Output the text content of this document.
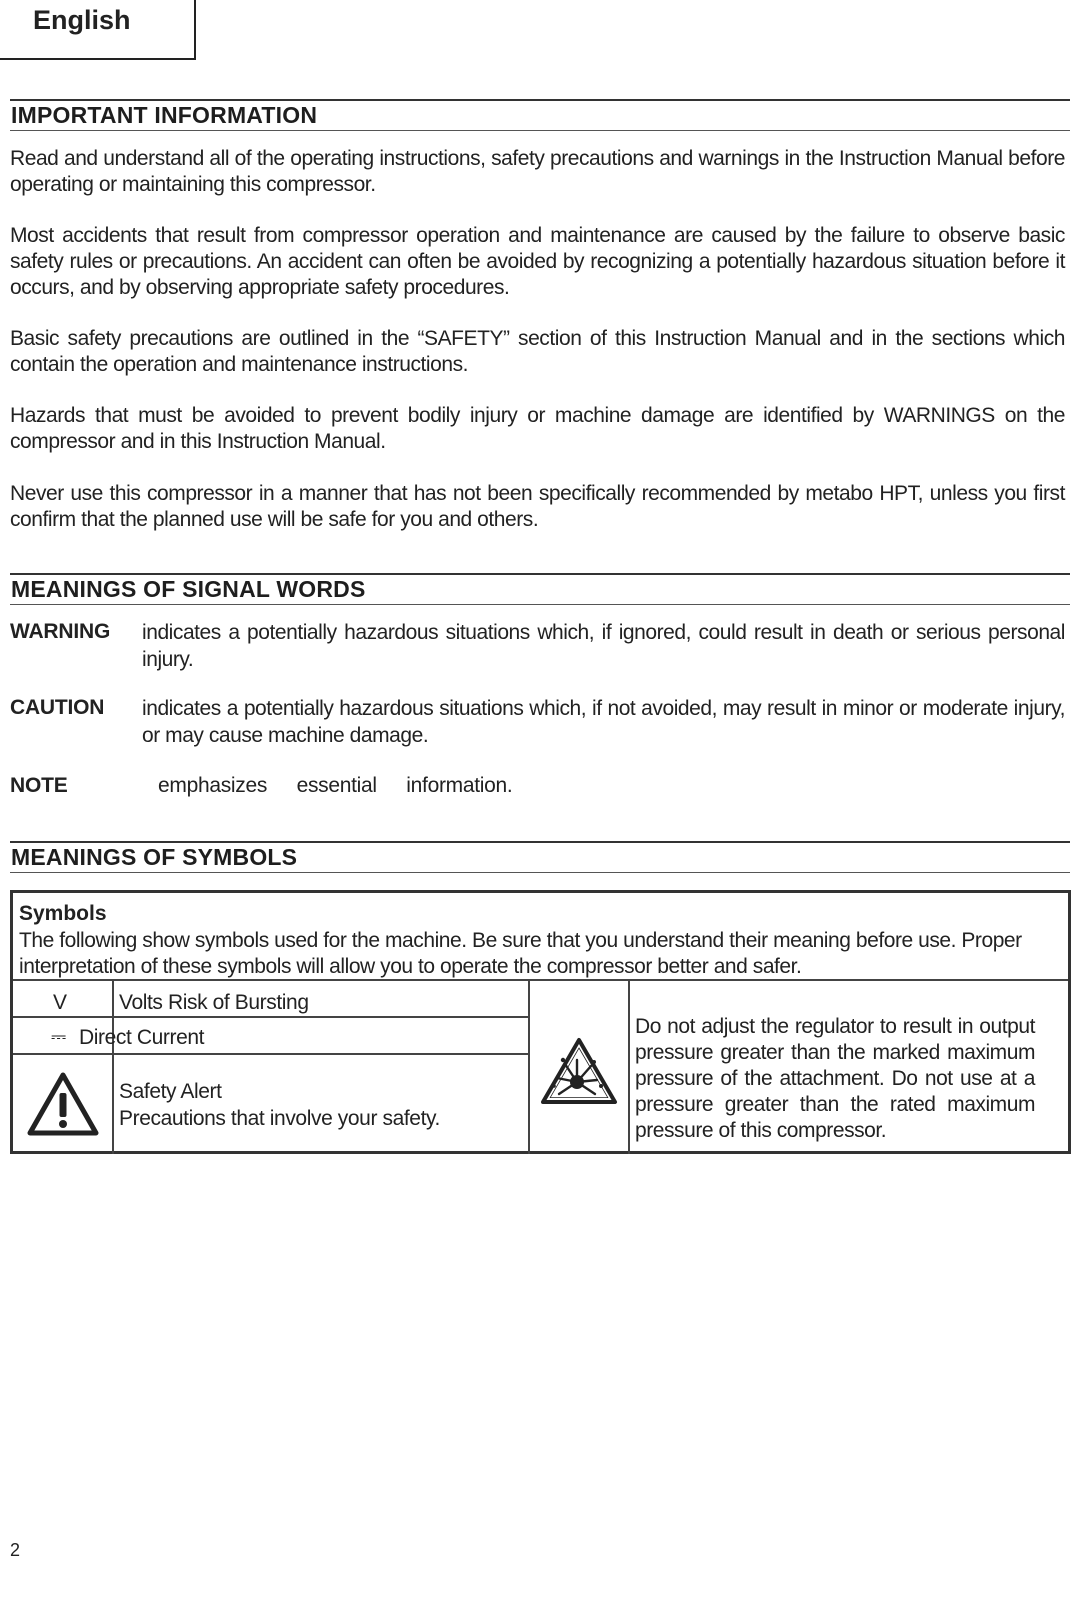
English
IMPORTANT INFORMATION

Read and understand all of the operating instructions, safety precautions and warnings in the Instruction Manual before operating or maintaining this compressor.

Most accidents that result from compressor operation and maintenance are caused by the failure to observe basic safety rules or precautions. An accident can often be avoided by recognizing a potentially hazardous situation before it occurs, and by observing appropriate safety procedures.

Basic safety precautions are outlined in the “SAFETY” section of this Instruction Manual and in the sections which contain the operation and maintenance instructions.

Hazards that must be avoided to prevent bodily injury or machine damage are identified by WARNINGS on the compressor and in this Instruction Manual.

Never use this compressor in a manner that has not been specifically recommended by metabo HPT, unless you first confirm that the planned use will be safe for you and others.

MEANINGS OF SIGNAL WORDS
WARNING indicates a potentially hazardous situations which, if ignored, could result in death or serious personal injury.

CAUTION indicates a potentially hazardous situations which, if not avoided, may result in minor or moderate injury, or may cause machine damage.

NOTE	emphasizes essential information.
MEANINGS OF SYMBOLS
Symbols

The following show symbols used for the machine. Be sure that you understand their meaning before use. Proper interpretation of these symbols will allow you to operate the compressor better and safer.

V Volts Risk of Bursting
⎓ Direct Current
Safety Alert
Precautions that involve your safety.

Do not adjust the regulator to result in output pressure greater than the marked maximum pressure of the attachment. Do not use at a pressure greater than the rated maximum pressure of this compressor.

2
